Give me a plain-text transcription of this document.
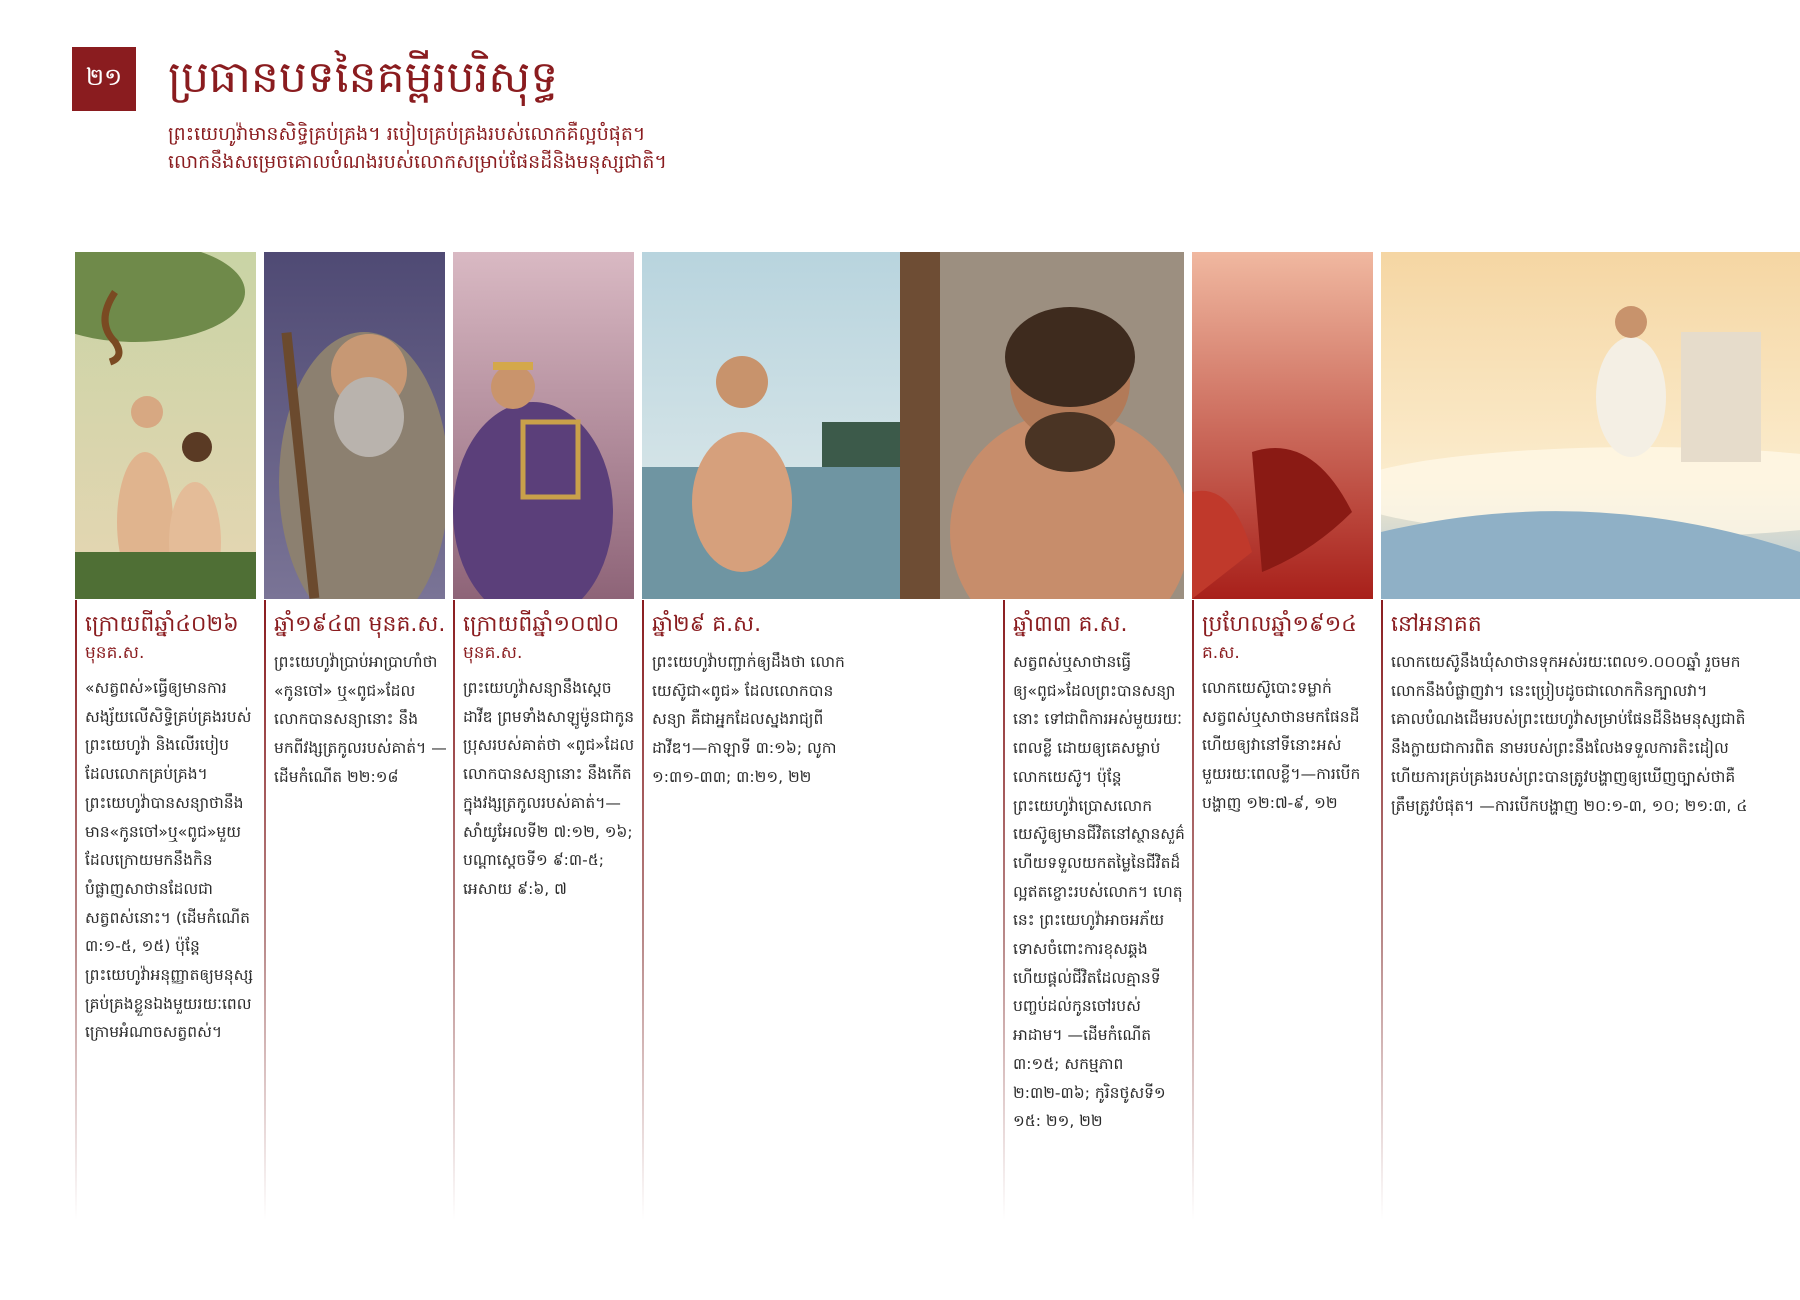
២១	ប្រធានបទនៃគម្ពីរបរិសុទ្ធ
ព្រះយេហូវ៉ាមានសិទ្ធិគ្រប់គ្រង។ របៀបគ្រប់គ្រងរបស់លោកគឺល្អបំផុត។
លោកនឹងសម្រេចគោលបំណងរបស់លោកសម្រាប់ផែនដីនិងមនុស្សជាតិ។
ក្រោយពីឆ្នាំ៤០២៦
មុនគ.ស.
«សត្វពស់»ធ្វើឲ្យមានការសង្ស័យលើសិទ្ធិគ្រប់គ្រងរបស់ព្រះយេហូវ៉ា និងលើរបៀបដែលលោកគ្រប់គ្រង។ ព្រះយេហូវ៉ាបានសន្យាថានឹងមាន«កូនចៅ»ឬ«ពូជ»មួយ ដែលក្រោយមកនឹងកិនបំផ្លាញសាថានដែលជាសត្វពស់នោះ។ (ដើមកំណើត ៣:១-៥, ១៥) ប៉ុន្តែ ព្រះយេហូវ៉ាអនុញ្ញាតឲ្យមនុស្សគ្រប់គ្រងខ្លួនឯងមួយរយៈពេល ក្រោមអំណាចសត្វពស់។
ឆ្នាំ១៩៤៣ មុនគ.ស.
ព្រះយេហូវ៉ាប្រាប់អាប្រាហាំថា «កូនចៅ» ឬ«ពូជ»ដែលលោកបានសន្យានោះ នឹងមកពីវង្សត្រកូលរបស់គាត់។ —ដើមកំណើត ២២:១៨
ក្រោយពីឆ្នាំ១០៧០
មុនគ.ស.
ព្រះយេហូវ៉ាសន្យានឹងស្តេចដាវីឌ ព្រមទាំងសាឡូម៉ូនជាកូនប្រុសរបស់គាត់ថា «ពូជ»ដែលលោកបានសន្យានោះ នឹងកើតក្នុងវង្សត្រកូលរបស់គាត់។—សាំយូអែលទី២ ៧:១២, ១៦; បណ្តាស្តេចទី១ ៩:៣-៥; អេសាយ ៩:៦, ៧
ឆ្នាំ២៩ គ.ស.
ព្រះយេហូវ៉ាបញ្ជាក់ឲ្យដឹងថា លោកយេស៊ូជា«ពូជ» ដែលលោកបានសន្យា គឺជាអ្នកដែលស្នងរាជ្យពីដាវីឌ។—កាឡាទី ៣:១៦; លូកា ១:៣១-៣៣; ៣:២១, ២២
ឆ្នាំ៣៣ គ.ស.
សត្វពស់ឬសាថានធ្វើឲ្យ«ពូជ»ដែលព្រះបានសន្យានោះ ទៅជាពិការអស់មួយរយៈពេលខ្លី ដោយឲ្យគេសម្លាប់លោកយេស៊ូ។ ប៉ុន្តែ ព្រះយេហូវ៉ាប្រោសលោកយេស៊ូឲ្យមានជីវិតនៅស្ថានសួគ៌ ហើយទទួលយកតម្លៃនៃជីវិតដ៏ល្អឥតខ្ចោះរបស់លោក។ ហេតុនេះ ព្រះយេហូវ៉ាអាចអភ័យទោសចំពោះការខុសឆ្គង ហើយផ្តល់ជីវិតដែលគ្មានទីបញ្ចប់ដល់កូនចៅរបស់អាដាម។ —ដើមកំណើត ៣:១៥; សកម្មភាព ២:៣២-៣៦; កូរិនថូសទី១ ១៥: ២១, ២២
ប្រហែលឆ្នាំ១៩១៤
គ.ស.
លោកយេស៊ូបោះទម្លាក់សត្វពស់ឬសាថានមកផែនដី ហើយឲ្យវានៅទីនោះអស់មួយរយៈពេលខ្លី។—ការបើកបង្ហាញ ១២:៧-៩, ១២
នៅអនាគត
លោកយេស៊ូនឹងឃុំសាថានទុកអស់រយៈពេល១.០០០ឆ្នាំ រួចមកលោកនឹងបំផ្លាញវា។ នេះប្រៀបដូចជាលោកកិនក្បាលវា។ គោលបំណងដើមរបស់ព្រះយេហូវ៉ាសម្រាប់ផែនដីនិងមនុស្សជាតិនឹងក្លាយជាការពិត នាមរបស់ព្រះនឹងលែងទទួលការតិះដៀល ហើយការគ្រប់គ្រងរបស់ព្រះបានត្រូវបង្ហាញឲ្យឃើញច្បាស់ថាគឺត្រឹមត្រូវបំផុត។ —ការបើកបង្ហាញ ២០:១-៣, ១០; ២១:៣, ៤
